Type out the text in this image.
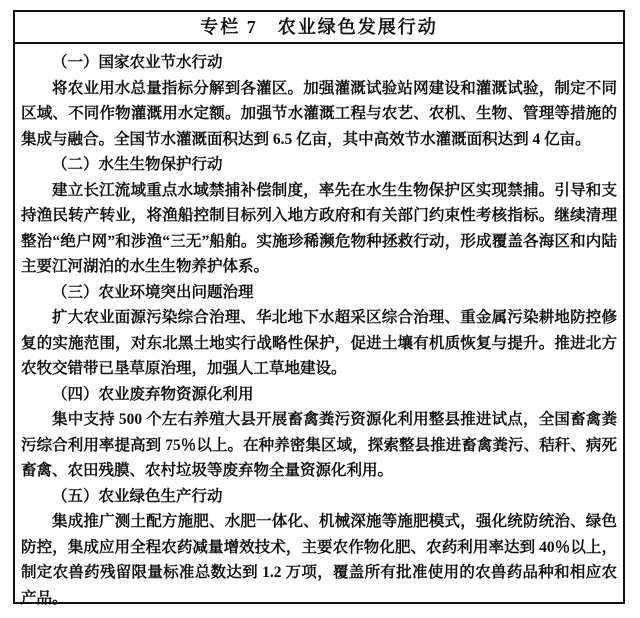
专栏 7　农业绿色发展行动

（一）国家农业节水行动

将农业用水总量指标分解到各灌区。加强灌溉试验站网建设和灌溉试验，制定不同区域、不同作物灌溉用水定额。加强节水灌溉工程与农艺、农机、生物、管理等措施的集成与融合。全国节水灌溉面积达到 6.5 亿亩，其中高效节水灌溉面积达到 4 亿亩。

（二）水生生物保护行动

建立长江流域重点水域禁捕补偿制度，率先在水生生物保护区实现禁捕。引导和支持渔民转产转业，将渔船控制目标列入地方政府和有关部门约束性考核指标。继续清理整治“绝户网”和涉渔“三无”船舶。实施珍稀濒危物种拯救行动，形成覆盖各海区和内陆主要江河湖泊的水生生物养护体系。

（三）农业环境突出问题治理

扩大农业面源污染综合治理、华北地下水超采区综合治理、重金属污染耕地防控修复的实施范围，对东北黑土地实行战略性保护，促进土壤有机质恢复与提升。推进北方农牧交错带已垦草原治理，加强人工草地建设。

（四）农业废弃物资源化利用

集中支持 500 个左右养殖大县开展畜禽粪污资源化利用整县推进试点，全国畜禽粪污综合利用率提高到 75％以上。在种养密集区域，探索整县推进畜禽粪污、秸秆、病死畜禽、农田残膜、农村垃圾等废弃物全量资源化利用。

（五）农业绿色生产行动

集成推广测土配方施肥、水肥一体化、机械深施等施肥模式，强化统防统治、绿色防控，集成应用全程农药减量增效技术，主要农作物化肥、农药利用率达到 40％以上，制定农兽药残留限量标准总数达到 1.2 万项，覆盖所有批准使用的农兽药品种和相应农产品。
